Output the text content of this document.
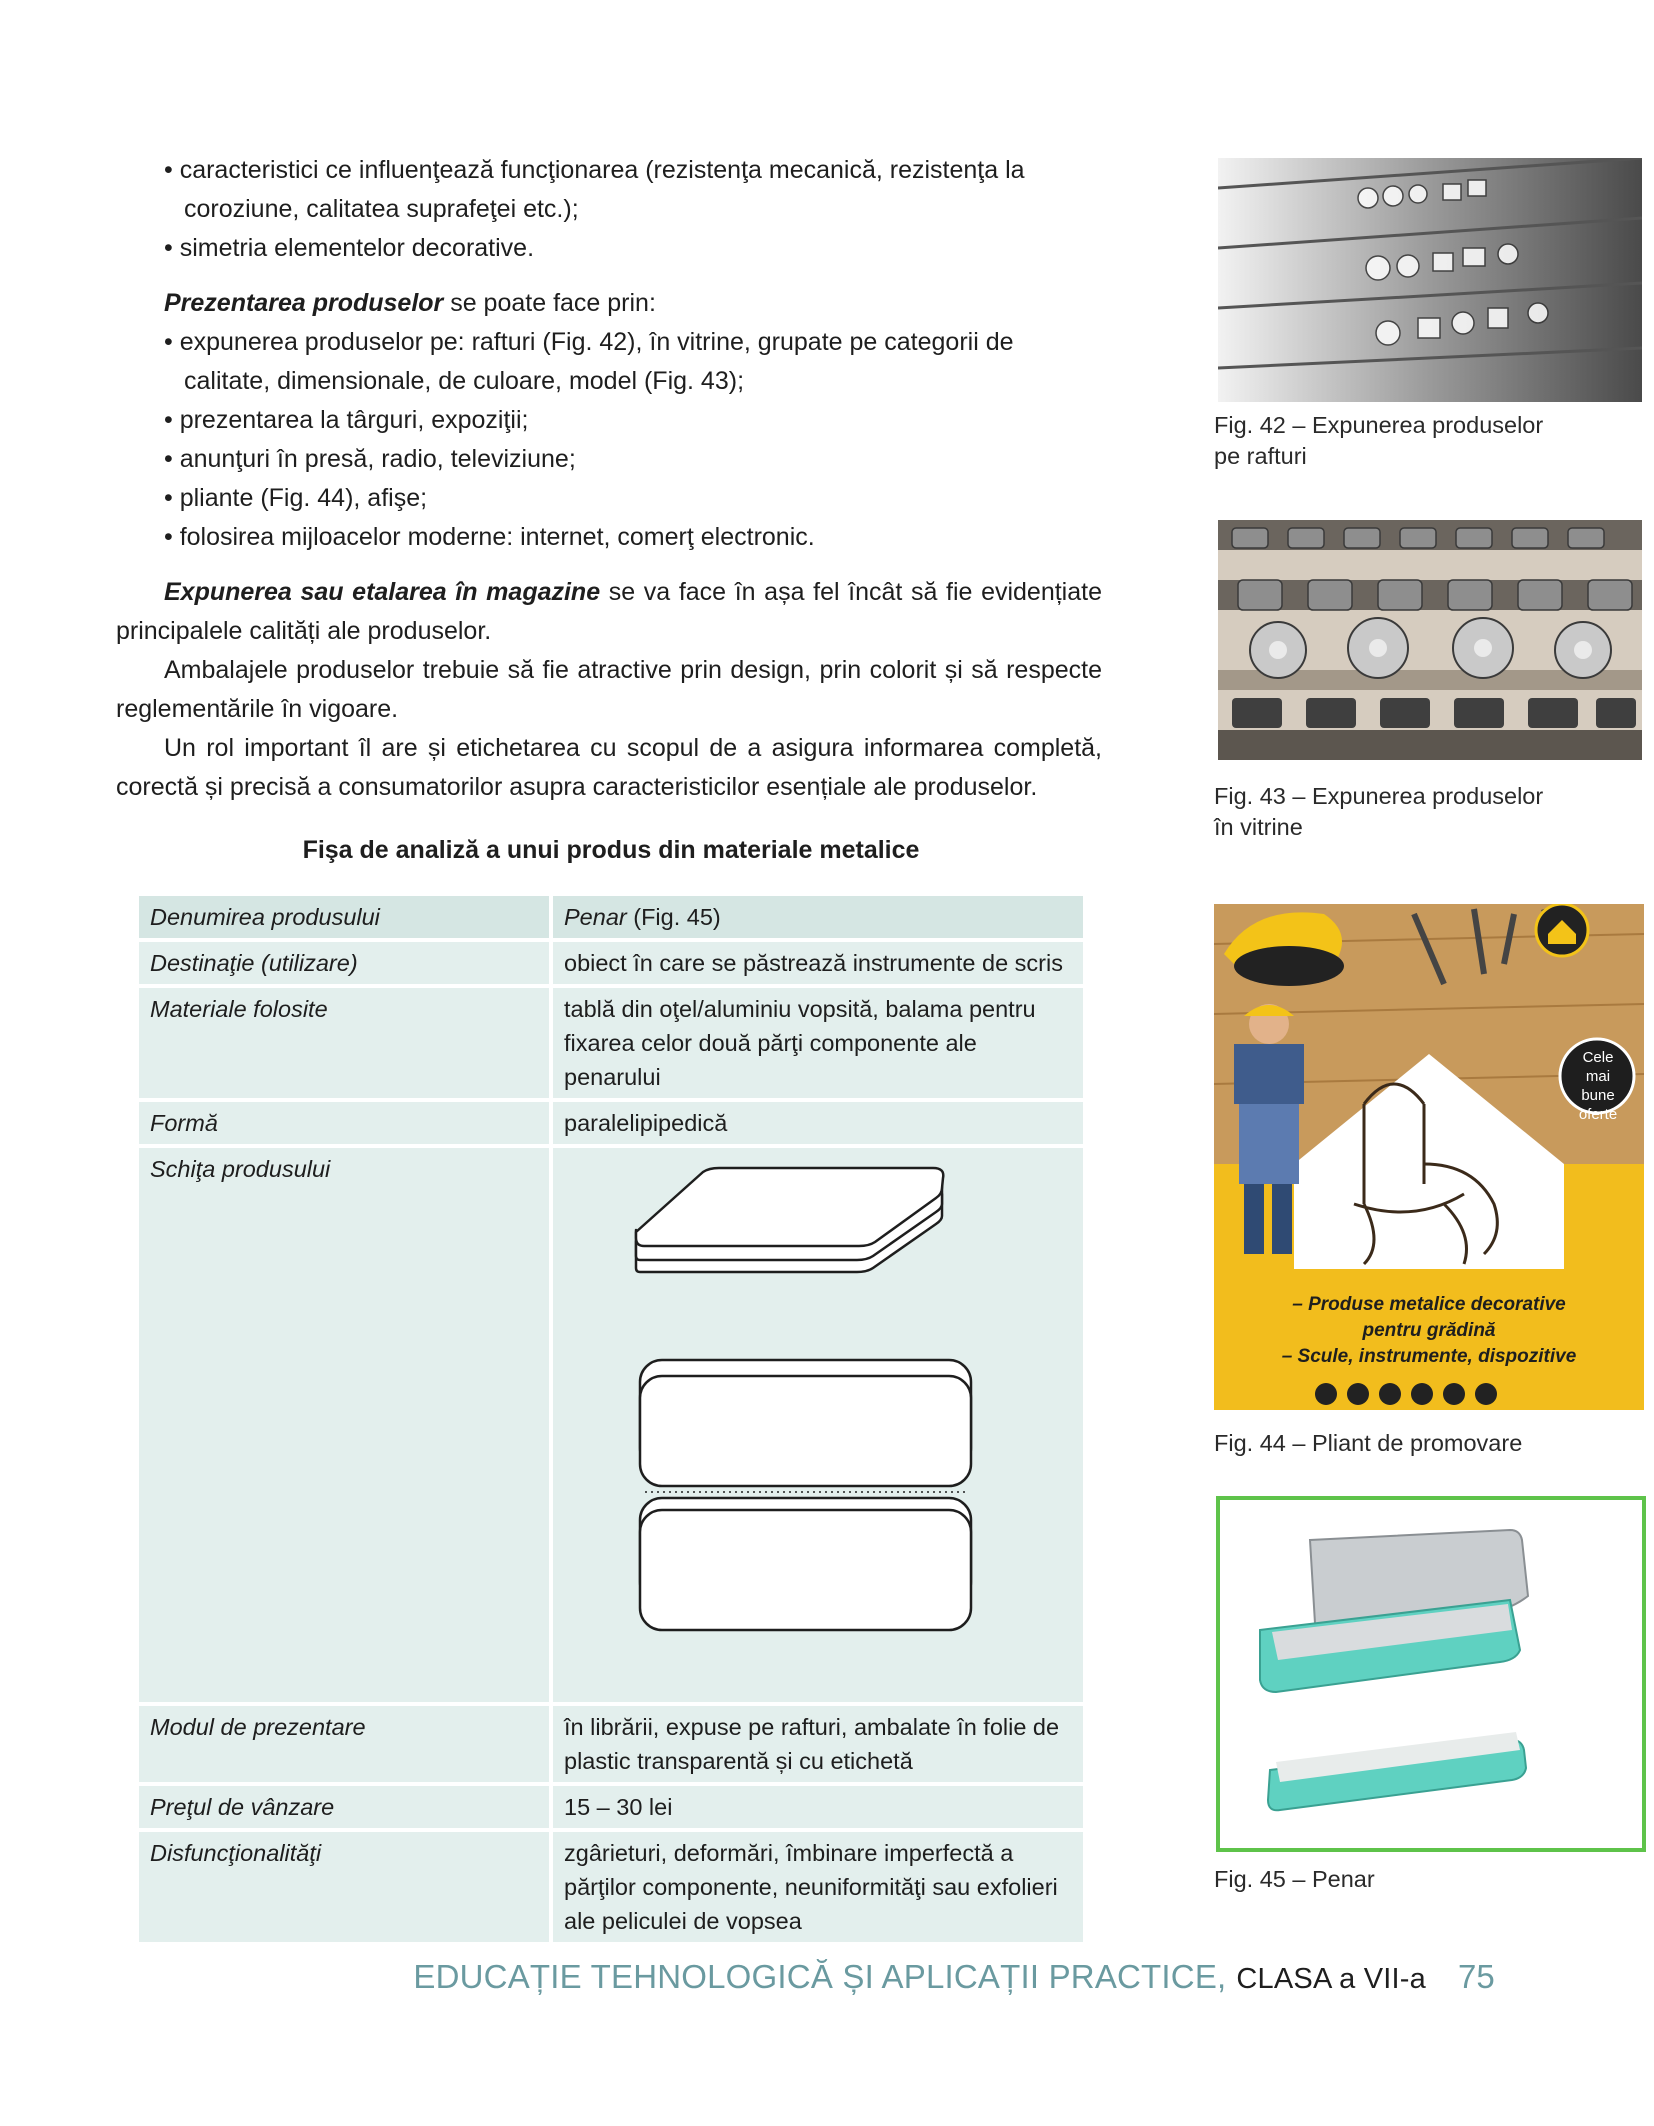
• caracteristici ce influenţează funcţionarea (rezistenţa mecanică, rezistenţa la coroziune, calitatea suprafeţei etc.);
• simetria elementelor decorative.
Prezentarea produselor se poate face prin:
• expunerea produselor pe: rafturi (Fig. 42), în vitrine, grupate pe categorii de calitate, dimensionale, de culoare, model (Fig. 43);
• prezentarea la târguri, expoziţii;
• anunţuri în presă, radio, televiziune;
• pliante (Fig. 44), afişe;
• folosirea mijloacelor moderne: internet, comerţ electronic.
Expunerea sau etalarea în magazine se va face în așa fel încât să fie evidențiate principalele calități ale produselor.
Ambalajele produselor trebuie să fie atractive prin design, prin colorit și să respecte reglementările în vigoare.
Un rol important îl are și etichetarea cu scopul de a asigura informarea completă, corectă și precisă a consumatorilor asupra caracteristicilor esențiale ale produselor.
Fişa de analiză a unui produs din materiale metalice
Denumirea produsului	Penar (Fig. 45)
Destinaţie (utilizare)	obiect în care se păstrează instrumente de scris
Materiale folosite	tablă din oţel/aluminiu vopsită, balama pentru fixarea celor două părţi componente ale penarului
Formă	paralelipipedică
Schiţa produsului	

Modul de prezentare	în librării, expuse pe rafturi, ambalate în folie de plastic transparentă și cu etichetă
Preţul de vânzare	15 – 30 lei
Disfuncţionalităţi	zgârieturi, deformări, îmbinare imperfectă a părţilor componente, neuniformităţi sau exfolieri ale peliculei de vopsea
Fig. 42 – Expunerea produselor pe rafturi
Fig. 43 – Expunerea produselor în vitrine
Cele mai bune oferte
– Produse metalice decorative
pentru grădină
– Scule, instrumente, dispozitive
Fig. 44 – Pliant de promovare
Fig. 45 – Penar
EDUCAȚIE TEHNOLOGICĂ ȘI APLICAȚII PRACTICE, CLASA a VII-a 75
